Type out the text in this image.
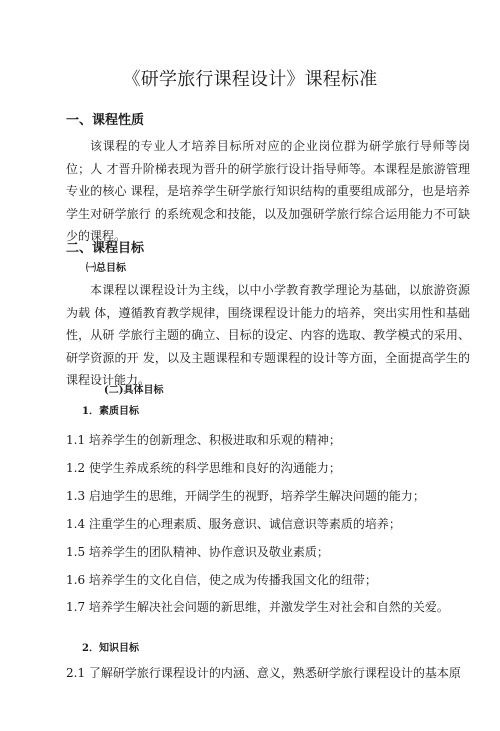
《研学旅行课程设计》课程标准
一、课程性质

该课程的专业人才培养目标所对应的企业岗位群为研学旅行导师等岗位；人 才晋升阶梯表现为晋升的研学旅行设计指导师等。本课程是旅游管理专业的核心 课程，是培养学生研学旅行知识结构的重要组成部分，也是培养学生对研学旅行 的系统观念和技能，以及加强研学旅行综合运用能力不可缺少的课程。

二、课程目标
㈠总目标

本课程以课程设计为主线，以中小学教育教学理论为基础，以旅游资源为载 体，遵循教育教学规律，围绕课程设计能力的培养，突出实用性和基础性，从研 学旅行主题的确立、目标的设定、内容的选取、教学模式的采用、研学资源的开 发，以及主题课程和专题课程的设计等方面，全面提高学生的课程设计能力。

(二)具体目标
1．素质目标

1.1 培养学生的创新理念、积极进取和乐观的精神；

1.2 使学生养成系统的科学思维和良好的沟通能力；

1.3 启迪学生的思维，开阔学生的视野，培养学生解决问题的能力；

1.4 注重学生的心理素质、服务意识、诚信意识等素质的培养；

1.5 培养学生的团队精神、协作意识及敬业素质；

1.6 培养学生的文化自信，使之成为传播我国文化的纽带；

1.7 培养学生解决社会问题的新思维，并激发学生对社会和自然的关爱。

2．知识目标

2.1 了解研学旅行课程设计的内涵、意义，熟悉研学旅行课程设计的基本原
